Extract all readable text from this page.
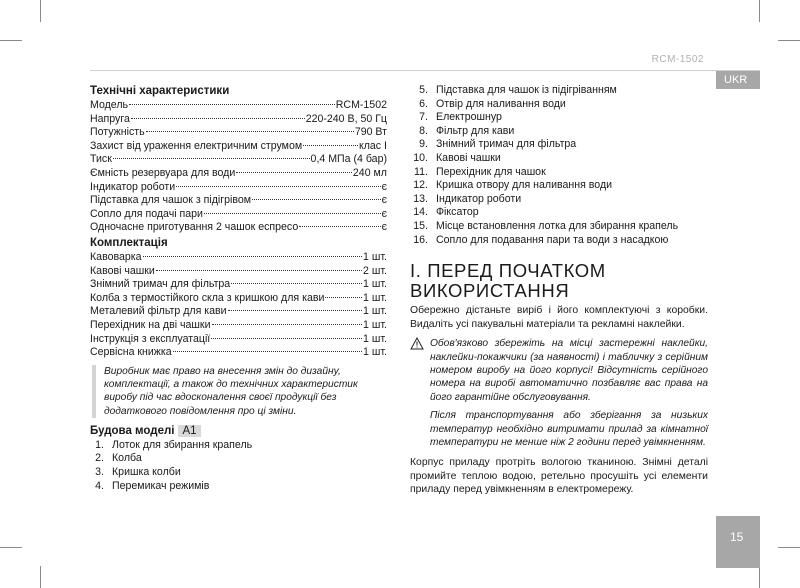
RCM-1502
UKR
15
Технічні характеристики
Модель	RCM-1502
Напруга	220-240 В, 50 Гц
Потужність	790 Вт
Захист від ураження електричним струмом	клас I
Тиск	0,4 МПа (4 бар)
Ємність резервуара для води	240 мл
Індикатор роботи	є
Підставка для чашок з підігрівом	є
Сопло для подачі пари	є
Одночасне приготування 2 чашок еспресо	є
Комплектація
Кавоварка	1 шт.
Кавові чашки	2 шт.
Знімний тримач для фільтра	1 шт.
Колба з термостійкого скла з кришкою для кави	1 шт.
Металевий фільтр для кави	1 шт.
Перехідник на дві чашки	1 шт.
Інструкція з експлуатації	1 шт.
Сервісна книжка	1 шт.
Виробник має право на внесення змін до дизайну, комплектації, а також до технічних характеристик виробу під час вдосконалення своєї продукції без додаткового повідомлення про ці зміни.
Будова моделі А1
1. Лоток для збирання крапель
2. Колба
3. Кришка колби
4. Перемикач режимів
5. Підставка для чашок із підігріванням
6. Отвір для наливання води
7. Електрошнур
8. Фільтр для кави
9. Знімний тримач для фільтра
10. Кавові чашки
11. Перехідник для чашок
12. Кришка отвору для наливання води
13. Індикатор роботи
14. Фіксатор
15. Місце встановлення лотка для збирання крапель
16. Сопло для подавання пари та води з насадкою
I. ПЕРЕД ПОЧАТКОМ
ВИКОРИСТАННЯ

Обережно дістаньте виріб і його комплектуючі з коробки. Видаліть усі пакувальні матеріали та рекламні наклейки.

Обов'язково збережіть на місці застережні наклейки, наклейки-покажчики (за наявності) і табличку з серійним номером виробу на його корпусі! Відсутність серійного номера на виробі автоматично позбавляє вас права на його гарантійне обслуговування.

Після транспортування або зберігання за низьких температур необхідно витримати прилад за кімнатної температури не менше ніж 2 години перед увімкненням.

Корпус приладу протріть вологою тканиною. Знімні деталі промийте теплою водою, ретельно просушіть усі елементи приладу перед увімкненням в електромережу.
